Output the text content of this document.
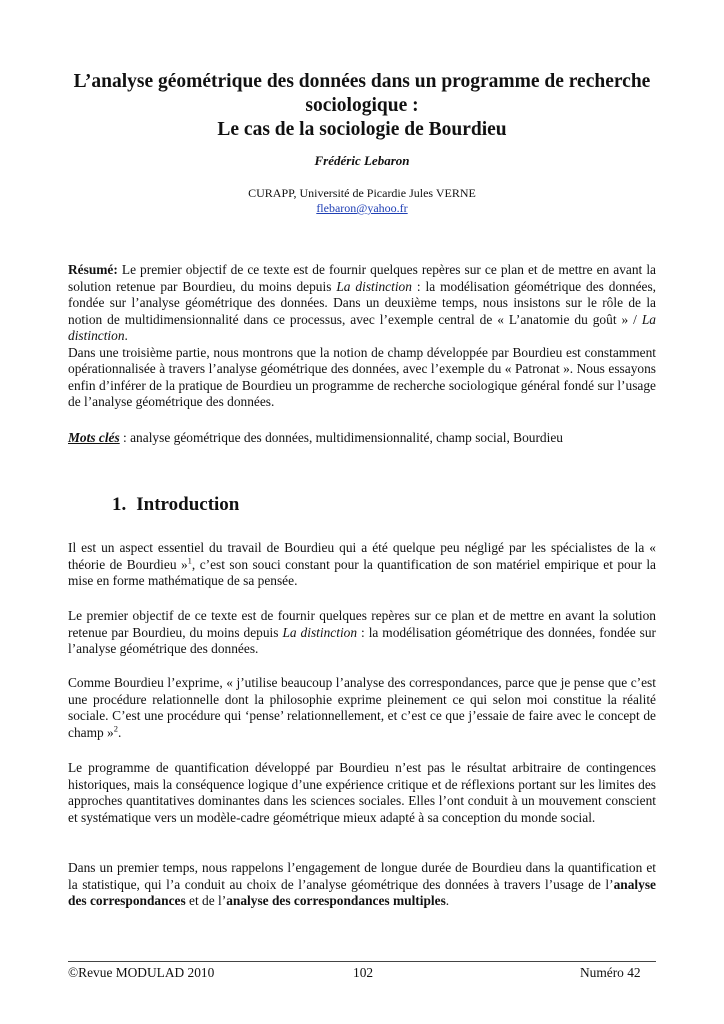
L’analyse géométrique des données dans un programme de recherche
sociologique :
Le cas de la sociologie de Bourdieu
Frédéric Lebaron
CURAPP, Université de Picardie Jules VERNE
flebaron@yahoo.fr

Résumé: Le premier objectif de ce texte est de fournir quelques repères sur ce plan et de mettre en avant la solution retenue par Bourdieu, du moins depuis La distinction : la modélisation géométrique des données, fondée sur l’analyse géométrique des données. Dans un deuxième temps, nous insistons sur le rôle de la notion de multidimensionnalité dans ce processus, avec l’exemple central de « L’anatomie du goût » / La distinction.

Dans une troisième partie, nous montrons que la notion de champ développée par Bourdieu est constamment opérationnalisée à travers l’analyse géométrique des données, avec l’exemple du « Patronat ». Nous essayons enfin d’inférer de la pratique de Bourdieu un programme de recherche sociologique général fondé sur l’usage de l’analyse géométrique des données.

Mots clés : analyse géométrique des données, multidimensionnalité, champ social, Bourdieu

1. Introduction

Il est un aspect essentiel du travail de Bourdieu qui a été quelque peu négligé par les spécialistes de la « théorie de Bourdieu »$^1$, c’est son souci constant pour la quantification de son matériel empirique et pour la mise en forme mathématique de sa pensée.

Le premier objectif de ce texte est de fournir quelques repères sur ce plan et de mettre en avant la solution retenue par Bourdieu, du moins depuis La distinction : la modélisation géométrique des données, fondée sur l’analyse géométrique des données.

Comme Bourdieu l’exprime, « j’utilise beaucoup l’analyse des correspondances, parce que je pense que c’est une procédure relationnelle dont la philosophie exprime pleinement ce qui selon moi constitue la réalité sociale. C’est une procédure qui ‘pense’ relationnellement, et c’est ce que j’essaie de faire avec le concept de champ »$^2$.

Le programme de quantification développé par Bourdieu n’est pas le résultat arbitraire de contingences historiques, mais la conséquence logique d’une expérience critique et de réflexions portant sur les limites des approches quantitatives dominantes dans les sciences sociales. Elles l’ont conduit à un mouvement conscient et systématique vers un modèle-cadre géométrique mieux adapté à sa conception du monde social.

Dans un premier temps, nous rappelons l’engagement de longue durée de Bourdieu dans la quantification et la statistique, qui l’a conduit au choix de l’analyse géométrique des données à travers l’usage de l’analyse des correspondances et de l’analyse des correspondances multiples.

©Revue MODULAD 2010	102	Numéro 42
